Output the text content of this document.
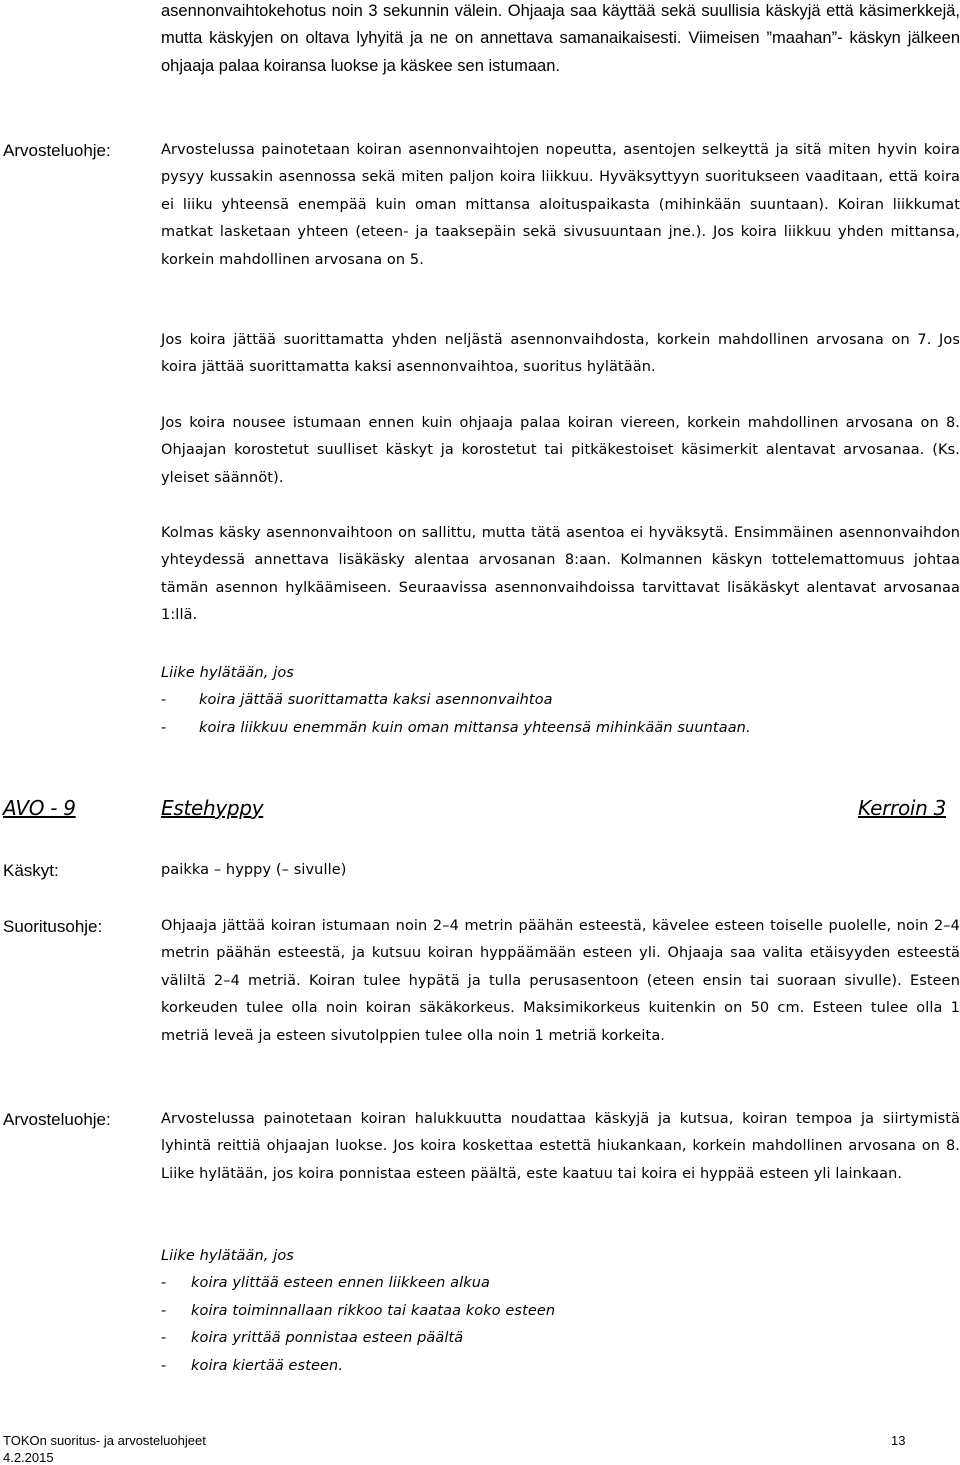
asennonvaihtokehotus noin 3 sekunnin välein. Ohjaaja saa käyttää sekä suullisia käskyjä että käsimerkkejä, mutta käskyjen on oltava lyhyitä ja ne on annettava samanaikaisesti. Viimeisen ”maahan”- käskyn jälkeen ohjaaja palaa koiransa luokse ja käskee sen istumaan.
Arvosteluohje:	Arvostelussa painotetaan koiran asennonvaihtojen nopeutta, asentojen selkeyttä ja sitä miten hyvin koira pysyy kussakin asennossa sekä miten paljon koira liikkuu. Hyväksyttyyn suoritukseen vaaditaan, että koira ei liiku yhteensä enempää kuin oman mittansa aloituspaikasta (mihinkään suuntaan). Koiran liikkumat matkat lasketaan yhteen (eteen- ja taaksepäin sekä sivusuuntaan jne.). Jos koira liikkuu yhden mittansa, korkein mahdollinen arvosana on 5.
Jos koira jättää suorittamatta yhden neljästä asennonvaihdosta, korkein mahdollinen arvosana on 7. Jos koira jättää suorittamatta kaksi asennonvaihtoa, suoritus hylätään.
Jos koira nousee istumaan ennen kuin ohjaaja palaa koiran viereen, korkein mahdollinen arvosana on 8. Ohjaajan korostetut suulliset käskyt ja korostetut tai pitkäkestoiset käsimerkit alentavat arvosanaa. (Ks. yleiset säännöt).
Kolmas käsky asennonvaihtoon on sallittu, mutta tätä asentoa ei hyväksytä. Ensimmäinen asennonvaihdon yhteydessä annettava lisäkäsky alentaa arvosanan 8:aan. Kolmannen käskyn tottelemattomuus johtaa tämän asennon hylkäämiseen. Seuraavissa asennonvaihdoissa tarvittavat lisäkäskyt alentavat arvosanaa 1:llä.
Liike hylätään, jos
-	koira jättää suorittamatta kaksi asennonvaihtoa
-	koira liikkuu enemmän kuin oman mittansa yhteensä mihinkään suuntaan.
AVO - 9	Estehyppy	Kerroin 3
Käskyt:	paikka – hyppy (– sivulle)
Suoritusohje:	Ohjaaja jättää koiran istumaan noin 2–4 metrin päähän esteestä, kävelee esteen toiselle puolelle, noin 2–4 metrin päähän esteestä, ja kutsuu koiran hyppäämään esteen yli. Ohjaaja saa valita etäisyyden esteestä väliltä 2–4 metriä. Koiran tulee hypätä ja tulla perusasentoon (eteen ensin tai suoraan sivulle). Esteen korkeuden tulee olla noin koiran säkäkorkeus. Maksimikorkeus kuitenkin on 50 cm. Esteen tulee olla 1 metriä leveä ja esteen sivutolppien tulee olla noin 1 metriä korkeita.
Arvosteluohje:	Arvostelussa painotetaan koiran halukkuutta noudattaa käskyjä ja kutsua, koiran tempoa ja siirtymistä lyhintä reittiä ohjaajan luokse. Jos koira koskettaa estettä hiukankaan, korkein mahdollinen arvosana on 8. Liike hylätään, jos koira ponnistaa esteen päältä, este kaatuu tai koira ei hyppää esteen yli lainkaan.
Liike hylätään, jos
-	koira ylittää esteen ennen liikkeen alkua
-	koira toiminnallaan rikkoo tai kaataa koko esteen
-	koira yrittää ponnistaa esteen päältä
-	koira kiertää esteen.
TOKOn suoritus- ja arvosteluohjeet	13
4.2.2015
